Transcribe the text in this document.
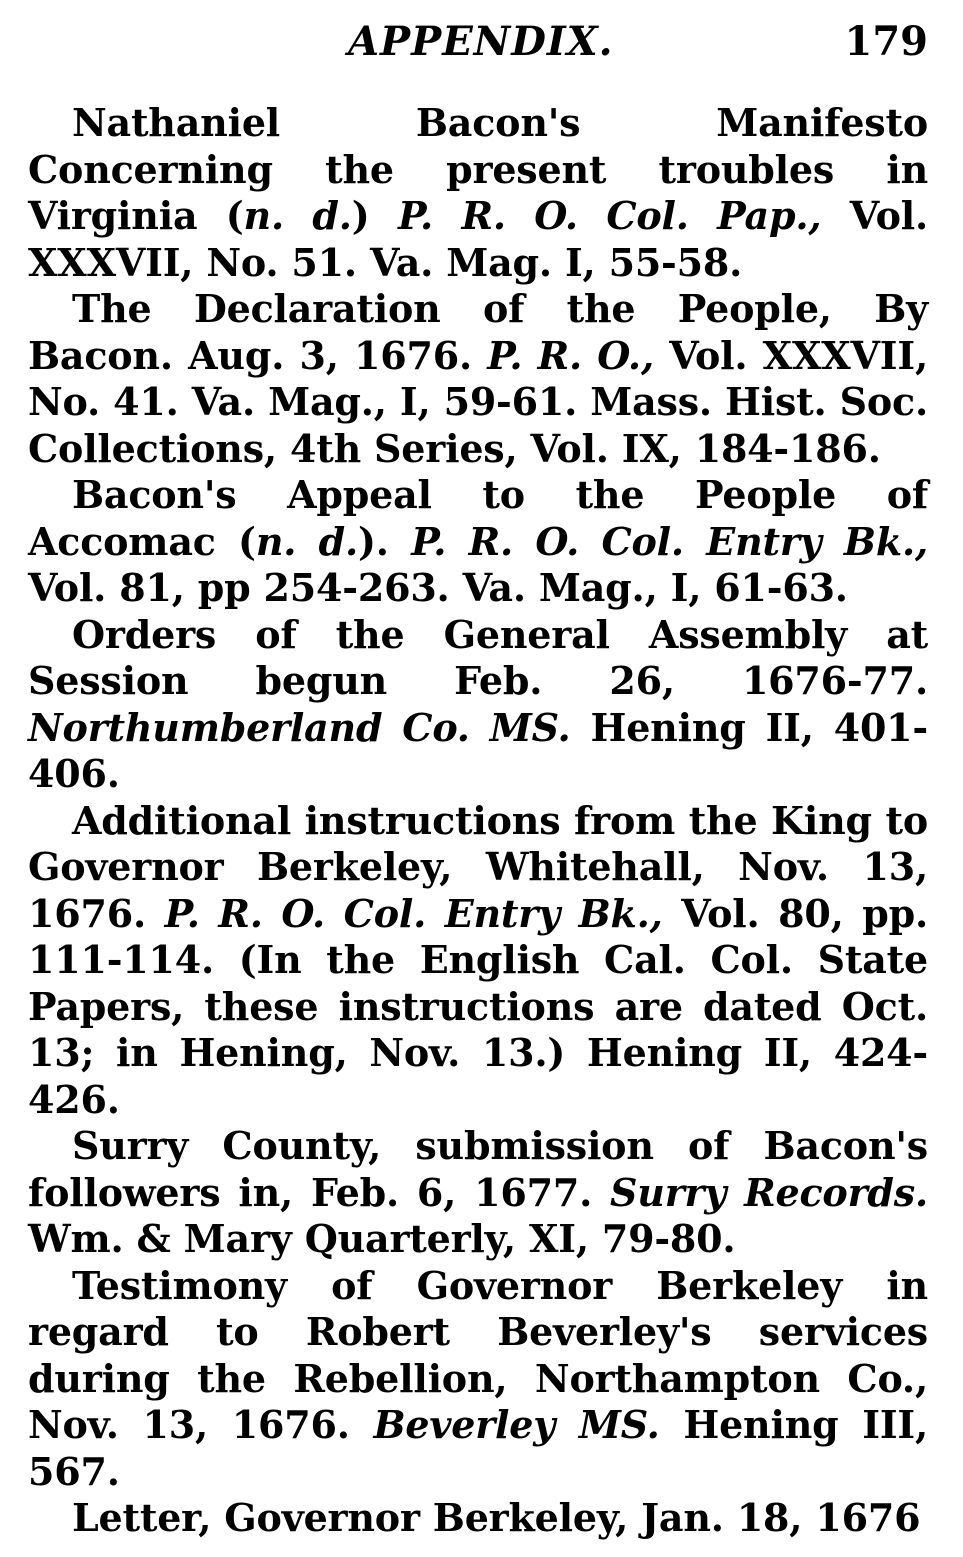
APPENDIX.	179

Nathaniel Bacon's Manifesto Concerning the present troubles in Virginia (n. d.) P. R. O. Col. Pap., Vol. XXXVII, No. 51. Va. Mag. I, 55-58.

The Declaration of the People, By Bacon. Aug. 3, 1676. P. R. O., Vol. XXXVII, No. 41. Va. Mag., I, 59-61. Mass. Hist. Soc. Collections, 4th Series, Vol. IX, 184-186.

Bacon's Appeal to the People of Accomac (n. d.). P. R. O. Col. Entry Bk., Vol. 81, pp 254-263. Va. Mag., I, 61-63.

Orders of the General Assembly at Session begun Feb. 26, 1676-77. Northumberland Co. MS. Hening II, 401-406.

Additional instructions from the King to Governor Berkeley, Whitehall, Nov. 13, 1676. P. R. O. Col. Entry Bk., Vol. 80, pp. 111-114. (In the English Cal. Col. State Papers, these instructions are dated Oct. 13; in Hening, Nov. 13.) Hening II, 424-426.

Surry County, submission of Bacon's followers in, Feb. 6, 1677. Surry Records. Wm. & Mary Quarterly, XI, 79-80.

Testimony of Governor Berkeley in regard to Robert Beverley's services during the Rebellion, Northampton Co., Nov. 13, 1676. Beverley MS. Hening III, 567.

Letter, Governor Berkeley, Jan. 18, 1676
